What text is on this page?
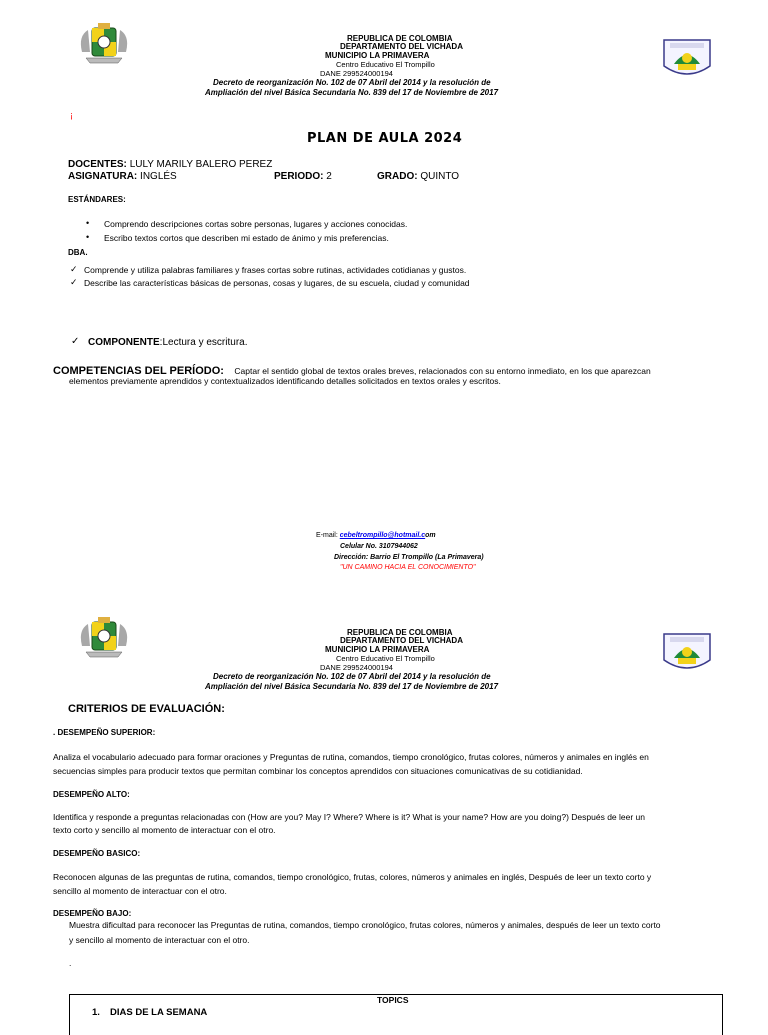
REPUBLICA DE COLOMBIA
DEPARTAMENTO DEL VICHADA
MUNICIPIO LA PRIMAVERA
Centro Educativo El Trompillo
DANE 299524000194
Decreto de reorganización No. 102 de 07 Abril del 2014 y la resolución de
Ampliación del nivel Básica Secundaria No. 839 del 17 de Noviembre de 2017
¡
PLAN DE AULA 2024
DOCENTES: LULY MARILY BALERO PEREZ
ASIGNATURA: INGLÉS	PERIODO: 2	GRADO: QUINTO
ESTÁNDARES:
• Comprendo descripciones cortas sobre personas, lugares y acciones conocidas.
• Escribo textos cortos que describen mi estado de ánimo y mis preferencias.
DBA.
✓ Comprende y utiliza palabras familiares y frases cortas sobre rutinas, actividades cotidianas y gustos.
✓ Describe las características básicas de personas, cosas y lugares, de su escuela, ciudad y comunidad
✓ COMPONENTE:Lectura y escritura.
COMPETENCIAS DEL PERÍODO: Captar el sentido global de textos orales breves, relacionados con su entorno inmediato, en los que aparezcan
elementos previamente aprendidos y contextualizados identificando detalles solicitados en textos orales y escritos.
E-mail: cebeltrompillo@hotmail.com
Celular No. 3107944062
Dirección: Barrio El Trompillo (La Primavera)
"UN CAMINO HACIA EL CONOCIMIENTO"
REPUBLICA DE COLOMBIA
DEPARTAMENTO DEL VICHADA
MUNICIPIO LA PRIMAVERA
Centro Educativo El Trompillo
DANE 299524000194
Decreto de reorganización No. 102 de 07 Abril del 2014 y la resolución de
Ampliación del nivel Básica Secundaria No. 839 del 17 de Noviembre de 2017
CRITERIOS DE EVALUACIÓN:
. DESEMPEÑO SUPERIOR:
Analiza el vocabulario adecuado para formar oraciones y Preguntas de rutina, comandos, tiempo cronológico, frutas colores, números y animales en inglés en
secuencias simples para producir textos que permitan combinar los conceptos aprendidos con situaciones comunicativas de su cotidianidad.
DESEMPEÑO ALTO:
Identifica y responde a preguntas relacionadas con (How are you? May I? Where? Where is it? What is your name? How are you doing?) Después de leer un
texto corto y sencillo al momento de interactuar con el otro.
DESEMPEÑO BASICO:
Reconocen algunas de las preguntas de rutina, comandos, tiempo cronológico, frutas, colores, números y animales en inglés, Después de leer un texto corto y
sencillo al momento de interactuar con el otro.
DESEMPEÑO BAJO:
Muestra dificultad para reconocer las Preguntas de rutina, comandos, tiempo cronológico, frutas colores, números y animales, después de leer un texto corto
y sencillo al momento de interactuar con el otro.
.
TOPICS
1. DIAS DE LA SEMANA
